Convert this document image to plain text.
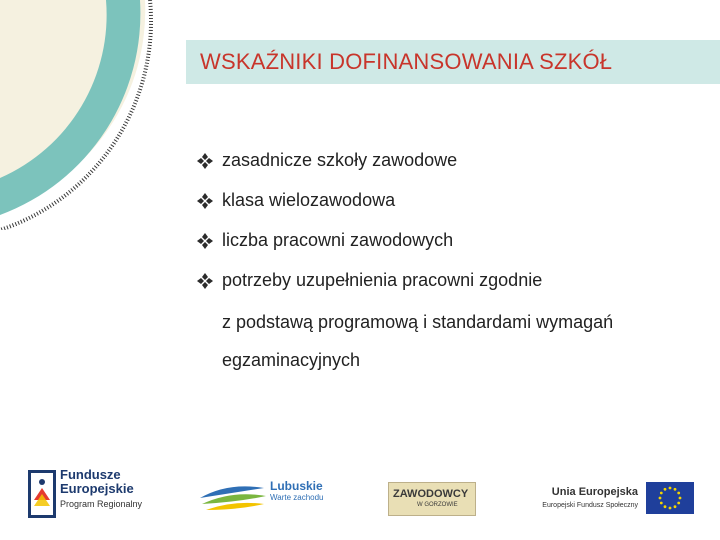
WSKAŹNIKI DOFINANSOWANIA SZKÓŁ
zasadnicze szkoły zawodowe
klasa wielozawodowa
liczba pracowni zawodowych
potrzeby uzupełnienia pracowni zgodnie
z podstawą programową i standardami wymagań
egzaminacyjnych
Fundusze
Europejskie
Program Regionalny
Lubuskie
Warte zachodu	ZAWODOWCY
W GORZOWIE
Unia Europejska
Europejski Fundusz Społeczny
